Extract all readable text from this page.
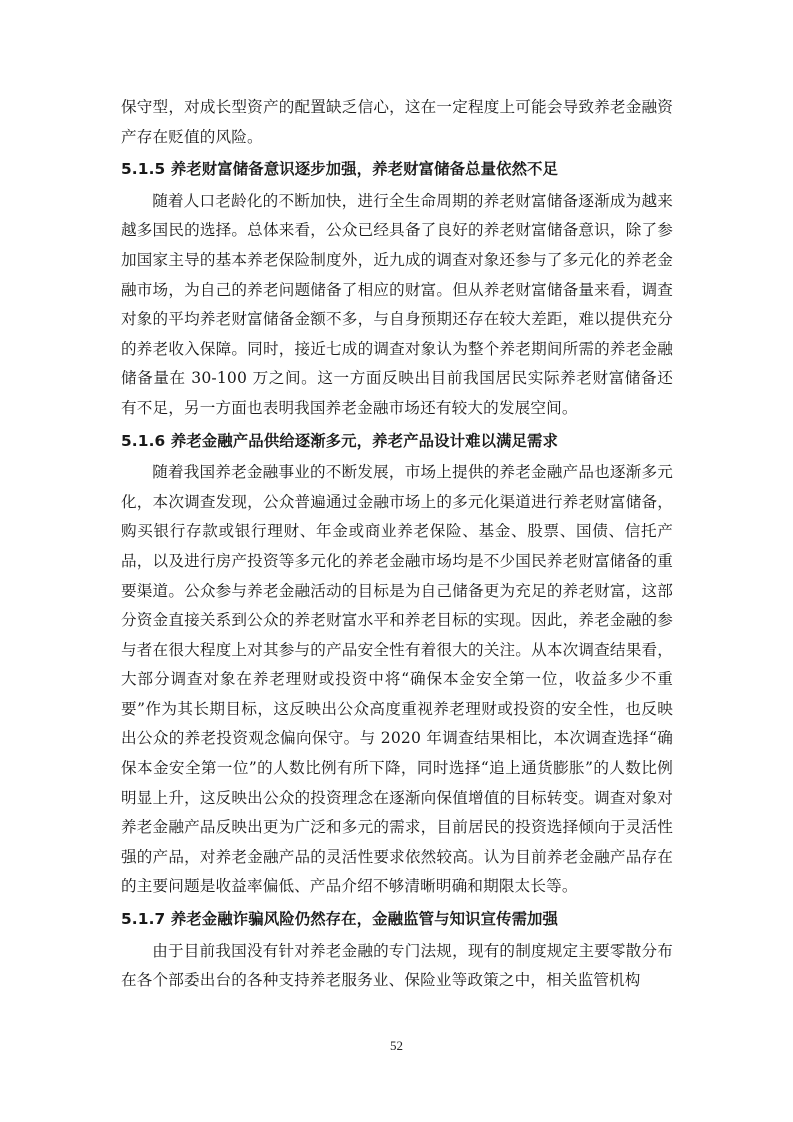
保守型，对成长型资产的配置缺乏信心，这在一定程度上可能会导致养老金融资产存在贬值的风险。

5.1.5 养老财富储备意识逐步加强，养老财富储备总量依然不足

随着人口老龄化的不断加快，进行全生命周期的养老财富储备逐渐成为越来越多国民的选择。总体来看，公众已经具备了良好的养老财富储备意识，除了参加国家主导的基本养老保险制度外，近九成的调查对象还参与了多元化的养老金融市场，为自己的养老问题储备了相应的财富。但从养老财富储备量来看，调查对象的平均养老财富储备金额不多，与自身预期还存在较大差距，难以提供充分的养老收入保障。同时，接近七成的调查对象认为整个养老期间所需的养老金融储备量在 30-100 万之间。这一方面反映出目前我国居民实际养老财富储备还有不足，另一方面也表明我国养老金融市场还有较大的发展空间。

5.1.6 养老金融产品供给逐渐多元，养老产品设计难以满足需求

随着我国养老金融事业的不断发展，市场上提供的养老金融产品也逐渐多元化，本次调查发现，公众普遍通过金融市场上的多元化渠道进行养老财富储备，购买银行存款或银行理财、年金或商业养老保险、基金、股票、国债、信托产品，以及进行房产投资等多元化的养老金融市场均是不少国民养老财富储备的重要渠道。公众参与养老金融活动的目标是为自己储备更为充足的养老财富，这部分资金直接关系到公众的养老财富水平和养老目标的实现。因此，养老金融的参与者在很大程度上对其参与的产品安全性有着很大的关注。从本次调查结果看，大部分调查对象在养老理财或投资中将“确保本金安全第一位，收益多少不重要”作为其长期目标，这反映出公众高度重视养老理财或投资的安全性，也反映出公众的养老投资观念偏向保守。与 2020 年调查结果相比，本次调查选择“确保本金安全第一位”的人数比例有所下降，同时选择“追上通货膨胀”的人数比例明显上升，这反映出公众的投资理念在逐渐向保值增值的目标转变。调查对象对养老金融产品反映出更为广泛和多元的需求，目前居民的投资选择倾向于灵活性强的产品，对养老金融产品的灵活性要求依然较高。认为目前养老金融产品存在的主要问题是收益率偏低、产品介绍不够清晰明确和期限太长等。

5.1.7 养老金融诈骗风险仍然存在，金融监管与知识宣传需加强

由于目前我国没有针对养老金融的专门法规，现有的制度规定主要零散分布在各个部委出台的各种支持养老服务业、保险业等政策之中，相关监管机构

52
